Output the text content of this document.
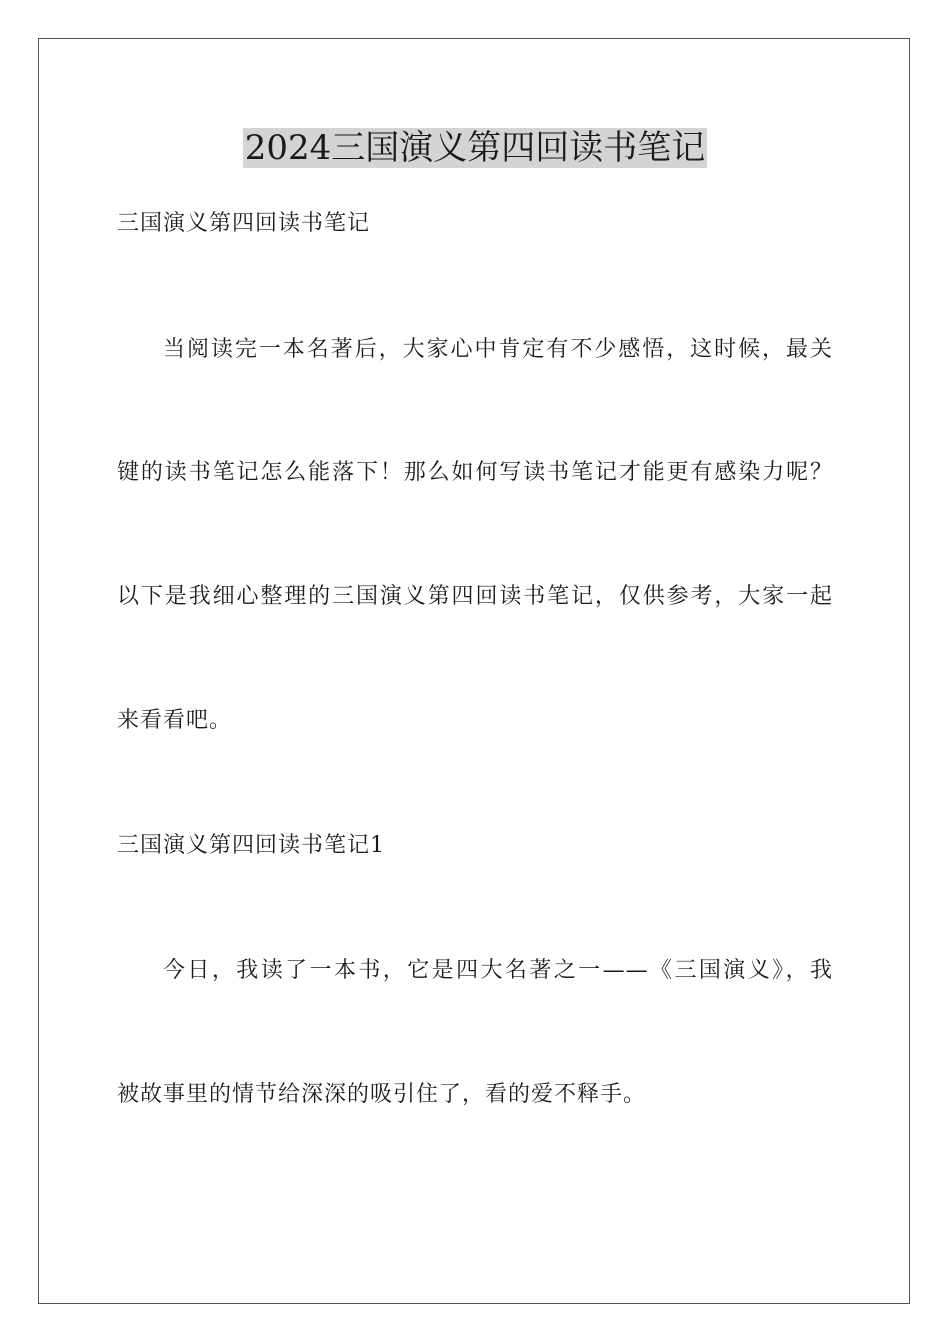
2024三国演义第四回读书笔记
三国演义第四回读书笔记
当阅读完一本名著后，大家心中肯定有不少感悟，这时候，最关
键的读书笔记怎么能落下！那么如何写读书笔记才能更有感染力呢？
以下是我细心整理的三国演义第四回读书笔记，仅供参考，大家一起
来看看吧。
三国演义第四回读书笔记1
今日，我读了一本书，它是四大名著之一——《三国演义》，我
被故事里的情节给深深的吸引住了，看的爱不释手。
